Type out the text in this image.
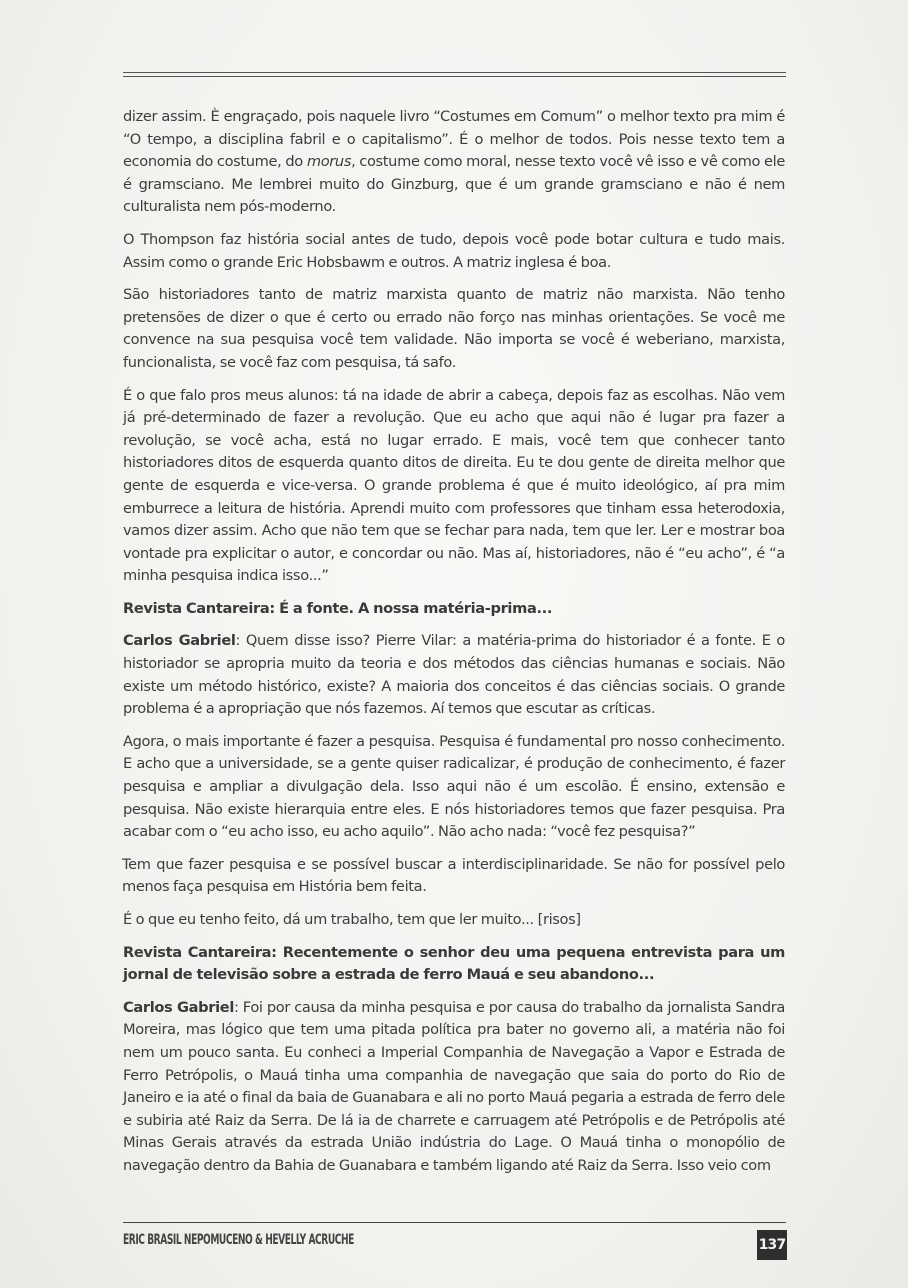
dizer assim. È engraçado, pois naquele livro “Costumes em Comum” o melhor texto pra mim é “O tempo, a disciplina fabril e o capitalismo”. É o melhor de todos. Pois nesse texto tem a economia do costume, do morus, costume como moral, nesse texto você vê isso e vê como ele é gramsciano. Me lembrei muito do Ginzburg, que é um grande gramsciano e não é nem culturalista nem pós-moderno.

O Thompson faz história social antes de tudo, depois você pode botar cultura e tudo mais. Assim como o grande Eric Hobsbawm e outros. A matriz inglesa é boa.

São historiadores tanto de matriz marxista quanto de matriz não marxista. Não tenho pretensões de dizer o que é certo ou errado não forço nas minhas orientações. Se você me convence na sua pesquisa você tem validade. Não importa se você é weberiano, marxista, funcionalista, se você faz com pesquisa, tá safo.

É o que falo pros meus alunos: tá na idade de abrir a cabeça, depois faz as escolhas. Não vem já pré-determinado de fazer a revolução. Que eu acho que aqui não é lugar pra fazer a revolução, se você acha, está no lugar errado. E mais, você tem que conhecer tanto historiadores ditos de esquerda quanto ditos de direita. Eu te dou gente de direita melhor que gente de esquerda e vice-versa. O grande problema é que é muito ideológico, aí pra mim emburrece a leitura de história. Aprendi muito com professores que tinham essa heterodoxia, vamos dizer assim. Acho que não tem que se fechar para nada, tem que ler. Ler e mostrar boa vontade pra explicitar o autor, e concordar ou não. Mas aí, historiadores, não é “eu acho”, é “a minha pesquisa indica isso...”

Revista Cantareira: É a fonte. A nossa matéria-prima...

Carlos Gabriel: Quem disse isso? Pierre Vilar: a matéria-prima do historiador é a fonte. E o historiador se apropria muito da teoria e dos métodos das ciências humanas e sociais. Não existe um método histórico, existe? A maioria dos conceitos é das ciências sociais. O grande problema é a apropriação que nós fazemos. Aí temos que escutar as críticas.

Agora, o mais importante é fazer a pesquisa. Pesquisa é fundamental pro nosso conhecimento. E acho que a universidade, se a gente quiser radicalizar, é produção de conhecimento, é fazer pesquisa e ampliar a divulgação dela. Isso aqui não é um escolão. É ensino, extensão e pesquisa. Não existe hierarquia entre eles. E nós historiadores temos que fazer pesquisa. Pra acabar com o “eu acho isso, eu acho aquilo”. Não acho nada: “você fez pesquisa?”

Tem que fazer pesquisa e se possível buscar a interdisciplinaridade. Se não for possível pelo menos faça pesquisa em História bem feita.

É o que eu tenho feito, dá um trabalho, tem que ler muito... [risos]

Revista Cantareira: Recentemente o senhor deu uma pequena entrevista para um jornal de televisão sobre a estrada de ferro Mauá e seu abandono...

Carlos Gabriel: Foi por causa da minha pesquisa e por causa do trabalho da jornalista Sandra Moreira, mas lógico que tem uma pitada política pra bater no governo ali, a matéria não foi nem um pouco santa. Eu conheci a Imperial Companhia de Navegação a Vapor e Estrada de Ferro Petrópolis, o Mauá tinha uma companhia de navegação que saia do porto do Rio de Janeiro e ia até o final da baia de Guanabara e ali no porto Mauá pegaria a estrada de ferro dele e subiria até Raiz da Serra. De lá ia de charrete e carruagem até Petrópolis e de Petrópolis até Minas Gerais através da estrada União indústria do Lage. O Mauá tinha o monopólio de navegação dentro da Bahia de Guanabara e também ligando até Raiz da Serra. Isso veio com

ERIC BRASIL NEPOMUCENO & HEVELLY ACRUCHE	137
